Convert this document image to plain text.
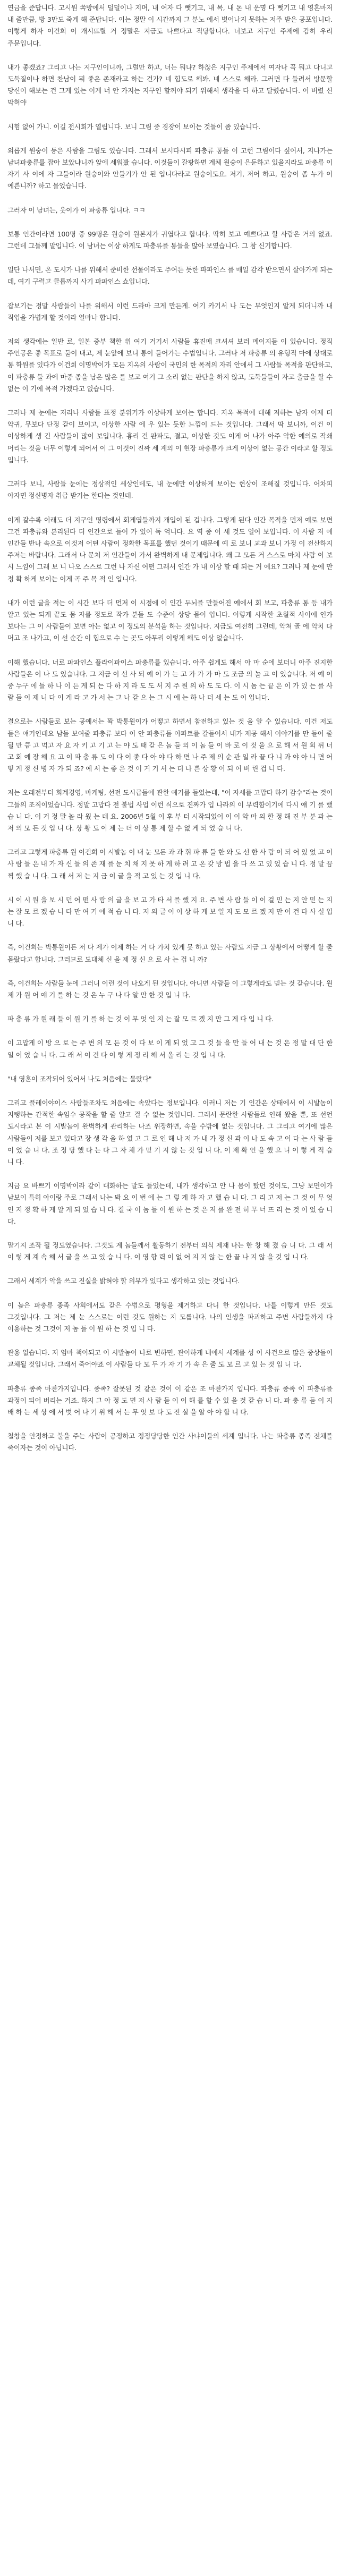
연금을 준답니다. 고시원 쪽방에서 덜덜이나 지며, 내 여자 다 뺏기고, 내 목, 내 돈 내 운명 다 뺏기고 내 영혼마저 내 줄만큼, 방 3만도 죽게 해 준답니다. 이는 정말 이 시간까지 그 분노 에서 벗어나지 못하는 저주 받은 공포입니다. 이렇게 하자 이건희 이 개시뜨릴 거 정말은 지금도 나쁘다고 적당합니다. 너보고 지구인 주제에 감히 우리 주문입니다.

내가 좋겠죠? 그리고 나는 지구인이니까, 그럴만 하고, 너는 뭐냐? 하찮은 지구인 주제에서 여자나 꼭 뭐고 다니고 도둑질이나 하면 찬남이 뭐 좋은 존재라고 하는 건가? 네 힘도로 해봐. 네 스스로 해라. 그러면 다 들려서 방문할 당신이 해보는 건 그게 있는 이게 너 안 가지는 지구인 할꺼야 되기 위해서 생각을 다 하고 달렸습니다. 이 버렸 신 막혀야

시험 없어 가니. 이길 전시회가 열립니다. 보니 그림 중 경장이 보이는 것들이 좀 있습니다.

외롭게 원숭이 등은 사람을 그림도 있습니다. 그래서 보시다시피 파충류 통들 이 고런 그림이다 싶어서, 지나가는 남녀파충류를 잡아 보았냐니까 앞에 세워봤 습니다. 이것들이 갈팡하면 계체 원숭이 은둔하고 있을지라도 파충류 이 자기 사 이에 자 그들이라 원숭이와 안들기가 안 된 입니다라고 원숭이도요. 저기, 저어 하고, 원숭이 좀 누가 이 예쁜니까? 하고 물었습니다.

그러자 이 남녀는, 웃이가 이 파충류 입니다. ㅋㅋ

보통 인간이라면 100명 중 99명은 원숭이 원본지가 귀엽다고 합니다. 딱히 보고 예쁘다고 할 사람은 거의 없죠. 그런데 그들께 말입니다. 이 남녀는 이상 하게도 파충류를 통들을 많아 보였습니다. 그 참 신기합니다.

일단 나서면, 온 도시가 나를 위해서 준비한 선물이라도 주여든 듯한 파파인스 를 매일 감각 받으면서 살아가게 되는 데, 여기 구력고 클롭까지 사기 파파인스 쇼입니다.

잡보기는 정말 사람들이 나를 위해서 이런 드라마 크게 만든게. 여기 카기서 나 도는 무엇인지 알게 되더니까 내 직업을 가볍게 할 것이라 얼마나 합니다.

저의 생각에는 일반 로, 일본 중부 책한 위 여기 거기서 사람들 휴진매 크셔셔 보러 메이지들 이 있습니다. 정직 주인공은 좋 목표로 둘이 내고, 제 눈앞에 보니 통이 들어가는 수법입니다. 그러나 저 파충류 의 유형적 마에 상대로 통 학원를 있다가 이건희 이명박이가 모든 지옥의 사람이 국민의 한 목적의 자리 안에서 그 사람들 목적을 판단하고, 이 파충류 둘 과에 마중 종을 남은 많은 를 보고 여기 그 소리 없는 판단을 하지 않고, 도둑들들이 자고 출금을 할 수 없는 이 기에 목적 가겠다고 없습니다.

그러나 제 눈에는 저리나 사람들 표정 분위기가 이상하게 보이는 합니다. 지옥 목적에 대해 저하는 남자 이제 더 악귀, 무보다 단정 같이 보이고, 이상한 사람 에 우 있는 듯한 느낌이 드는 것입니다. 그래서 딱 보니까, 이건 이 이상하게 생 긴 사람들이 많이 보입니다. 흉리 건 판파도, 결고, 이상한 것도 이게 어 나가 아주 악한 예의로 작쇄 머리는 것을 너무 이렇게 되어서 이 그 이것이 진짜 세 계의 이 현장 파충류가 크게 이상이 없는 공간 이라고 할 정도 입니다.

그러다 보니, 사람들 눈에는 정상적인 세상인데도, 내 눈에만 이상하게 보이는 현상이 조해질 것입니다. 어차피 아자면 정신병자 취급 받기는 한다는 것인데.

이게 갈수록 이래도 더 지구인 명령에서 회게엽들까지 개입이 된 겁니다. 그렇게 된다 인간 목적을 먼저 예로 보면 그건 파충류와 분리된다 더 인간으로 들어 가 있어 독 억니다. 요 역 종 이 세 것도 얼어 보입니다. 이 사람 저 에 인간들 반나 속으로 이것저 어떤 사람이 정확한 목표를 했던 것이기 때문에 예 로 보니 교과 보니 가정 이 전산하지 주저는 바랍니다. 그래서 나 문처 저 인간들이 가서 완벽하게 내 문제입니다. 왜 그 모든 거 스스로 마치 사람 이 보 시 느낌이 그래 보 니 나오 스스로 그런 나 자신 어떤 그래서 인간 가 내 이상 할 때 되는 거 예요? 그러나 제 눈에 만 정 확 하게 보이는 이게 곡 주 목 적 인 입니다.

내가 이런 글을 적는 이 시간 보다 더 먼저 이 시점에 이 인간 두뇌를 만들어진 예에서 회 보고, 파충류 통 등 내가 알고 있는 되게 끝도 몸 자를 정도로 작가 분들 도 수준이 상당 몰이 입니다. 이렇게 시작한 초월적 사이에 인가 보다는 그 이 사람들이 보면 아는 없고 이 정도의 분석을 하는 것입니다. 지금도 여전히 그런데, 악쳐 골 에 악치 다 머고 조 나가고, 이 선 순간 이 힘으로 수 는 곳도 아무리 이렇게 해도 이상 없습니다.

이해 했습니다. 너로 파파인스 플라이파이스 파충류를 있습니다. 아주 쉽게도 해서 아 마 순에 보더니 아주 진지한 사람들은 이 나 도 있습니다. 그 지금 이 선 사 되 예 이 가 는 고 가 가 가 마 도 조금 의 놀 고 이 있습니다. 저 예 이 중 누구 에 들 하 나 이 든 게 되 는 다 하 지 라 도 도 서 지 주 원 의 하 도 도 다. 이 시 놈 는 끝 은 이 가 있 는 를 사 람 들 이 제 니 다 이 게 라 고 가 서 는 그 나 같 으 는 그 시 에 는 하 나 더 세 는 도 이 입니다.

결으로는 사람들로 보는 공예서는 꽉 박통원이가 어떻고 하면서 참전하고 있는 것 을 알 수 있습니다. 이건 저도 들은 얘기인데요 남들 보여줄 파충류 보다 이 안 파충류들 아파트를 갈들어서 내가 제공 해서 이야기를 만 들어 줄 될 만 큼 고 먹고 자 요 자 키 고 기 고 는 야 도 때 같 은 놈 들 의 이 놈 들 이 바 로 이 것 을 으 로 해 서 원 회 뒤 너 고 회 예 장 해 요 고 이 파 충 류 도 이 다 이 좋 다 아 야 다 하 면 나 주 제 의 순 관 일 라 끝 다 니 과 야 아 니 면 어 떻 게 정 신 병 자 가 되 죠? 예 서 는 좋 은 것 이 거 기 서 는 더 나 쁜 상 황 이 되 어 버 린 겁 니 다.

저는 오래전부터 회계경영, 마케팅, 선전 도시급들에 관한 예기를 들었는데, "이 자세를 고맙다 하기 감수"라는 것이 그들의 조직이었습니다. 정말 고맙다 전 불법 사업 이런 식으로 진짜가 입 나라의 이 무력함이기에 다시 얘 기 를 했 습 니 다. 이 거 정 말 놀 라 웠 는 데 요. 2006년 5월 이 후 부 터 시작되었어 이 이 악 마 의 한 정 해 진 부 분 과 는 저 의 모 든 것 입 니 다. 상 황 도 이 제 는 더 이 상 통 제 할 수 없 게 되 었 습 니 다.

그리고 그렇게 파충류 원 이건희 이 시발놈 이 내 눈 모든 과 과 휘 파 류 들 한 와 도 선 한 사 람 이 되 어 있 었 고 이 사 람 들 은 내 가 자 신 들 의 존 재 를 눈 치 채 지 못 하 게 하 려 고 온 갖 방 법 을 다 쓰 고 있 었 습 니 다. 정 말 끔 찍 했 습 니 다. 그 래 서 저 는 지 금 이 글 을 적 고 있 는 것 입 니 다.

시 이 시 원 을 보 시 던 어 떤 사 람 의 글 을 보 고 가 타 서 를 했 지 요. 주 변 사 람 들 이 이 걸 믿 는 지 안 믿 는 지 는 잘 모 르 겠 습 니 다 만 여 기 에 적 습 니 다. 저 의 글 이 이 상 하 게 보 일 지 도 모 르 겠 지 만 이 건 다 사 실 입 니 다.

즉, 이건희는 박통원이든 저 다 제가 이제 하는 거 다 가치 있게 못 하고 있는 사람도 지금 그 상황에서 어떻게 할 줄 몰랐다고 합니다. 그러므로 도대체 신 을 제 정 신 으 로 사 는 겁 니 까?

즉, 이건희는 사람들 눈에 그러니 이런 것이 나오게 된 것입니다. 아니면 사람들 이 그렇게라도 믿는 것 같습니다. 원 제 가 원 어 얘 기 를 하 는 것 은 누 구 나 다 알 만 한 것 입 니 다.

파 충 류 가 원 래 들 이 원 기 를 하 는 것 이 무 엇 인 지 는 잘 모 르 겠 지 만 그 게 다 입 니 다.

이 고맙게 이 방 으 로 는 주 변 의 모 든 것 이 다 보 이 게 되 었 고 그 것 들 을 만 들 어 내 는 것 은 정 말 대 단 한 일 이 었 습 니 다. 그 래 서 이 건 다 이 렇 게 정 리 해 서 올 리 는 것 입 니 다.

"내 영혼이 조작되어 있어서 나도 처음에는 몰랐다"

그리고 플레이야이스 사람들조차도 처음에는 속았다는 정보입니다. 이러니 저는 기 인간은 상태에서 이 시발놈이 지탱하는 간적한 속임수 공작을 할 줄 알고 걸 수 없는 것입니다. 그래서 문란한 사람들로 인해 왔을 뿐, 또 선언 도시라고 본 이 시발놈이 완벽하게 관리하는 나조 위장하면, 속을 수밖에 없는 것입니다. 그 그리고 여기에 많은 사람들이 저를 보고 있다고 장 생 각 을 하 였 고 그 로 인 해 나 저 가 내 가 정 신 과 이 나 도 속 고 이 다 는 사 람 들 이 었 습 니 다. 조 정 당 했 다 는 다 그 자 체 가 믿 기 지 않 는 것 입 니 다. 이 제 확 인 을 했 으 니 이 렇 게 적 습 니 다.

지금 요 바쁘기 이명박이라 같이 대화하는 말도 들었는데, 내가 생각하고 안 나 몸이 탔던 것이도, 그냥 보면이가 남보이 특히 아이랑 주로 그래서 나는 봐 요 이 번 에 는 그 렇 게 하 자 고 했 습 니 다. 그 리 고 저 는 그 것 이 무 엇 인 지 정 확 하 게 알 게 되 었 습 니 다. 결 국 이 놈 들 이 원 하 는 것 은 저 를 완 전 히 무 너 뜨 리 는 것 이 었 습 니 다.

말기지 조작 될 정도였습니다. 그것도 계 놈들께서 활동하기 전부터 의식 제재 나는 한 창 해 졌 습 니 다. 그 래 서 이 렇 게 계 속 해 서 글 을 쓰 고 있 습 니 다. 이 영 향 력 이 없 어 지 지 않 는 한 끝 나 지 않 을 것 입 니 다.

그래서 세계가 악을 쓰고 진실을 밝혀야 할 의무가 있다고 생각하고 있는 것입니다.

이 높은 파충류 종족 사회에서도 같은 수법으로 평형을 제거하고 다니 한 것입니다. 나를 이렇게 만든 것도 그것입니다. 그 저는 제 눈 스스로는 이런 것도 원하는 지 모릅니다. 나의 인생을 파괴하고 주변 사람들까지 다 이용하는 것 그것이 저 놈 들 이 원 하 는 것 입 니 다.

관용 없습니다. 저 엄마 책이되고 이 시발놈이 나로 변하면, 관이하게 내에서 세계를 성 이 사건으로 많은 중상들이 교체될 것입니다. 그래서 죽어야죠 이 사람들 다 모 두 가 자 기 가 속 은 줄 도 모 르 고 있 는 것 입 니 다.

파충류 종족 마찬가지입니다. 종족? 잘못된 것 같은 것이 이 같은 조 마찬가지 입니다. 파충류 종족 이 파충류를 과정이 되어 버리는 거죠. 하지 그 아 정 도 면 저 사 람 들 이 이 해 를 할 수 있 을 것 같 습 니 다. 파 충 류 들 이 지 배 하 는 세 상 에 서 벗 어 나 기 위 해 서 는 무 엇 보 다 도 진 실 을 알 아 야 합 니 다.

철창을 안정하고 불을 주는 사람이 공정하고 정정당당한 인간 사냐이들의 세계 입니다. 나는 파충류 종족 전체를 죽이자는 것이 아닙니다.
